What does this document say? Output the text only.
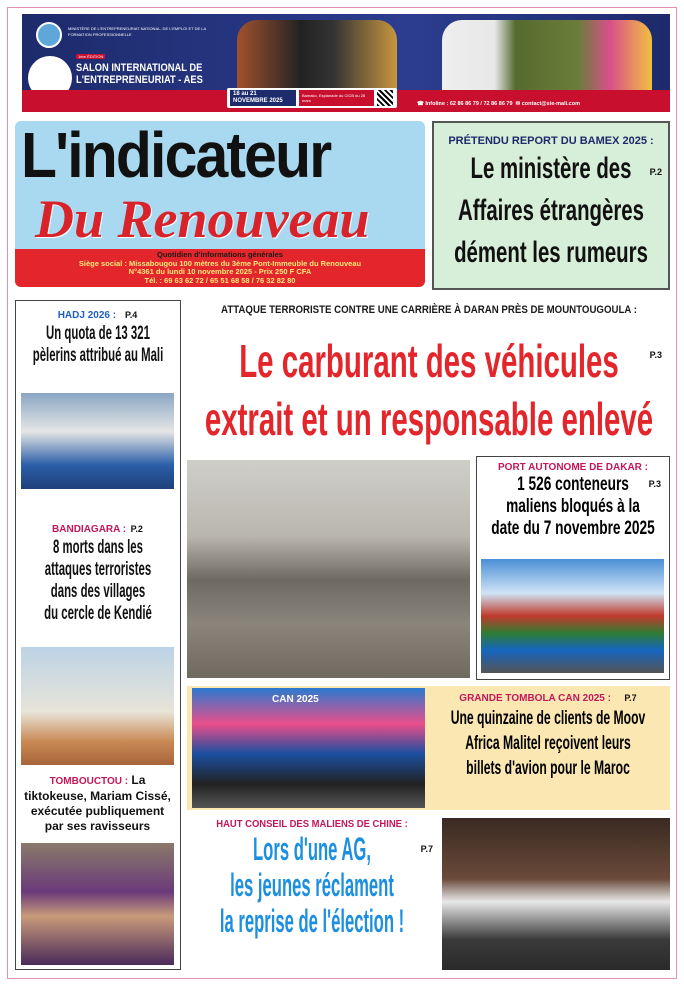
MINISTÈRE DE L'ENTREPRENEURIAT NATIONAL, DE L'EMPLOI ET DE LA FORMATION PROFESSIONNELLE
1ère ÉDITION
SALON INTERNATIONAL DE
L'ENTREPRENEURIAT - AES
18 au 21 NOVEMBRE 2025
Bamako, Esplanade du CICB du 28 mars
☎ Infoline : 62 86 86 79 / 72 86 86 79 ✉ contact@sie-mali.com
L'indicateur
Du Renouveau
Quotidien d'informations générales
Siège social : Missabougou 100 mètres du 3ème Pont-Immeuble du Renouveau
N°4361 du lundi 10 novembre 2025 - Prix 250 F CFA
Tél. : 69 63 62 72 / 65 51 68 58 / 76 32 82 80
PRÉTENDU REPORT DU BAMEX 2025 :
P.2
Le ministère des
Affaires étrangères
dément les rumeurs
HADJ 2026 : P.4
Un quota de 13 321
pèlerins attribué au Mali
BANDIAGARA : P.2
8 morts dans les
attaques terroristes
dans des villages
du cercle de Kendié
TOMBOUCTOU : La tiktokeuse, Mariam Cissé, exécutée publiquement par ses ravisseurs
ATTAQUE TERRORISTE CONTRE UNE CARRIÈRE À DARAN PRÈS DE MOUNTOUGOULA :
Le carburant des véhicules
extrait et un responsable enlevé
P.3
PORT AUTONOME DE DAKAR :
P.3
1 526 conteneurs
maliens bloqués à la
date du 7 novembre 2025
CAN 2025	GRANDE TOMBOLA CAN 2025 : P.7
Une quinzaine de clients de Moov
Africa Malitel reçoivent leurs
billets d'avion pour le Maroc
HAUT CONSEIL DES MALIENS DE CHINE :
P.7
Lors d'une AG,
les jeunes réclament
la reprise de l'élection !
